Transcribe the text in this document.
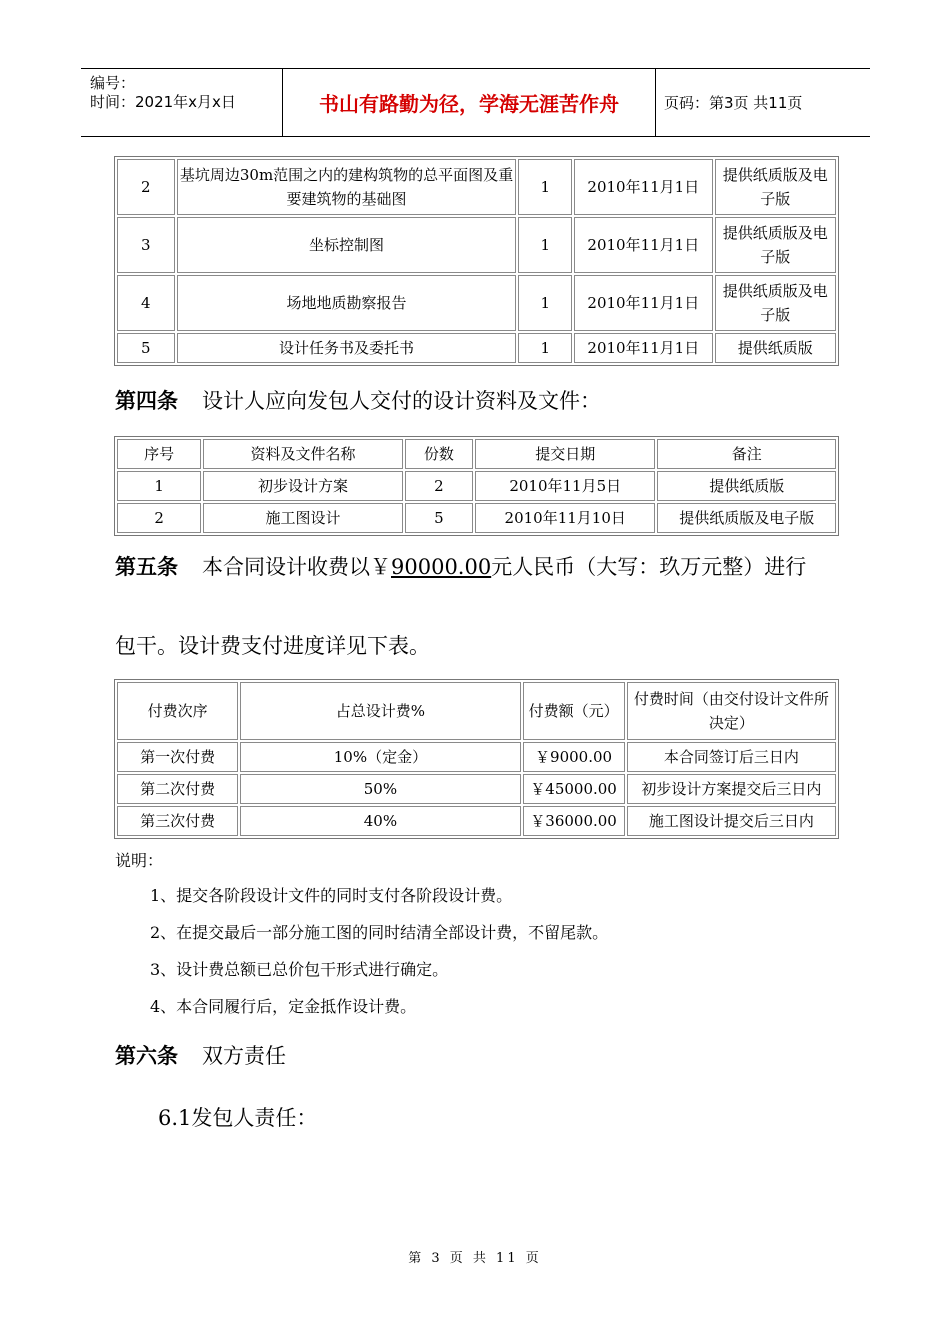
编号：
时间：2021年x月x日	书山有路勤为径，学海无涯苦作舟	页码：第3页 共11页
2	基坑周边30m范围之内的建构筑物的总平面图及重要建筑物的基础图	1	2010年11月1日	提供纸质版及电子版
3	坐标控制图	1	2010年11月1日	提供纸质版及电子版
4	场地地质勘察报告	1	2010年11月1日	提供纸质版及电子版
5	设计任务书及委托书	1	2010年11月1日	提供纸质版
第四条 设计人应向发包人交付的设计资料及文件：
序号	资料及文件名称	份数	提交日期	备注
1	初步设计方案	2	2010年11月5日	提供纸质版
2	施工图设计	5	2010年11月10日	提供纸质版及电子版
第五条 本合同设计收费以￥90000.00元人民币（大写：玖万元整）进行
包干。设计费支付进度详见下表。
付费次序	占总设计费%	付费额（元）	付费时间（由交付设计文件所决定）
第一次付费	10%（定金）	￥9000.00	本合同签订后三日内
第二次付费	50%	￥45000.00	初步设计方案提交后三日内
第三次付费	40%	￥36000.00	施工图设计提交后三日内
说明：
1、提交各阶段设计文件的同时支付各阶段设计费。
2、在提交最后一部分施工图的同时结清全部设计费，不留尾款。
3、设计费总额已总价包干形式进行确定。
4、本合同履行后，定金抵作设计费。
第六条 双方责任
6.1发包人责任：
第 3 页 共 11 页
